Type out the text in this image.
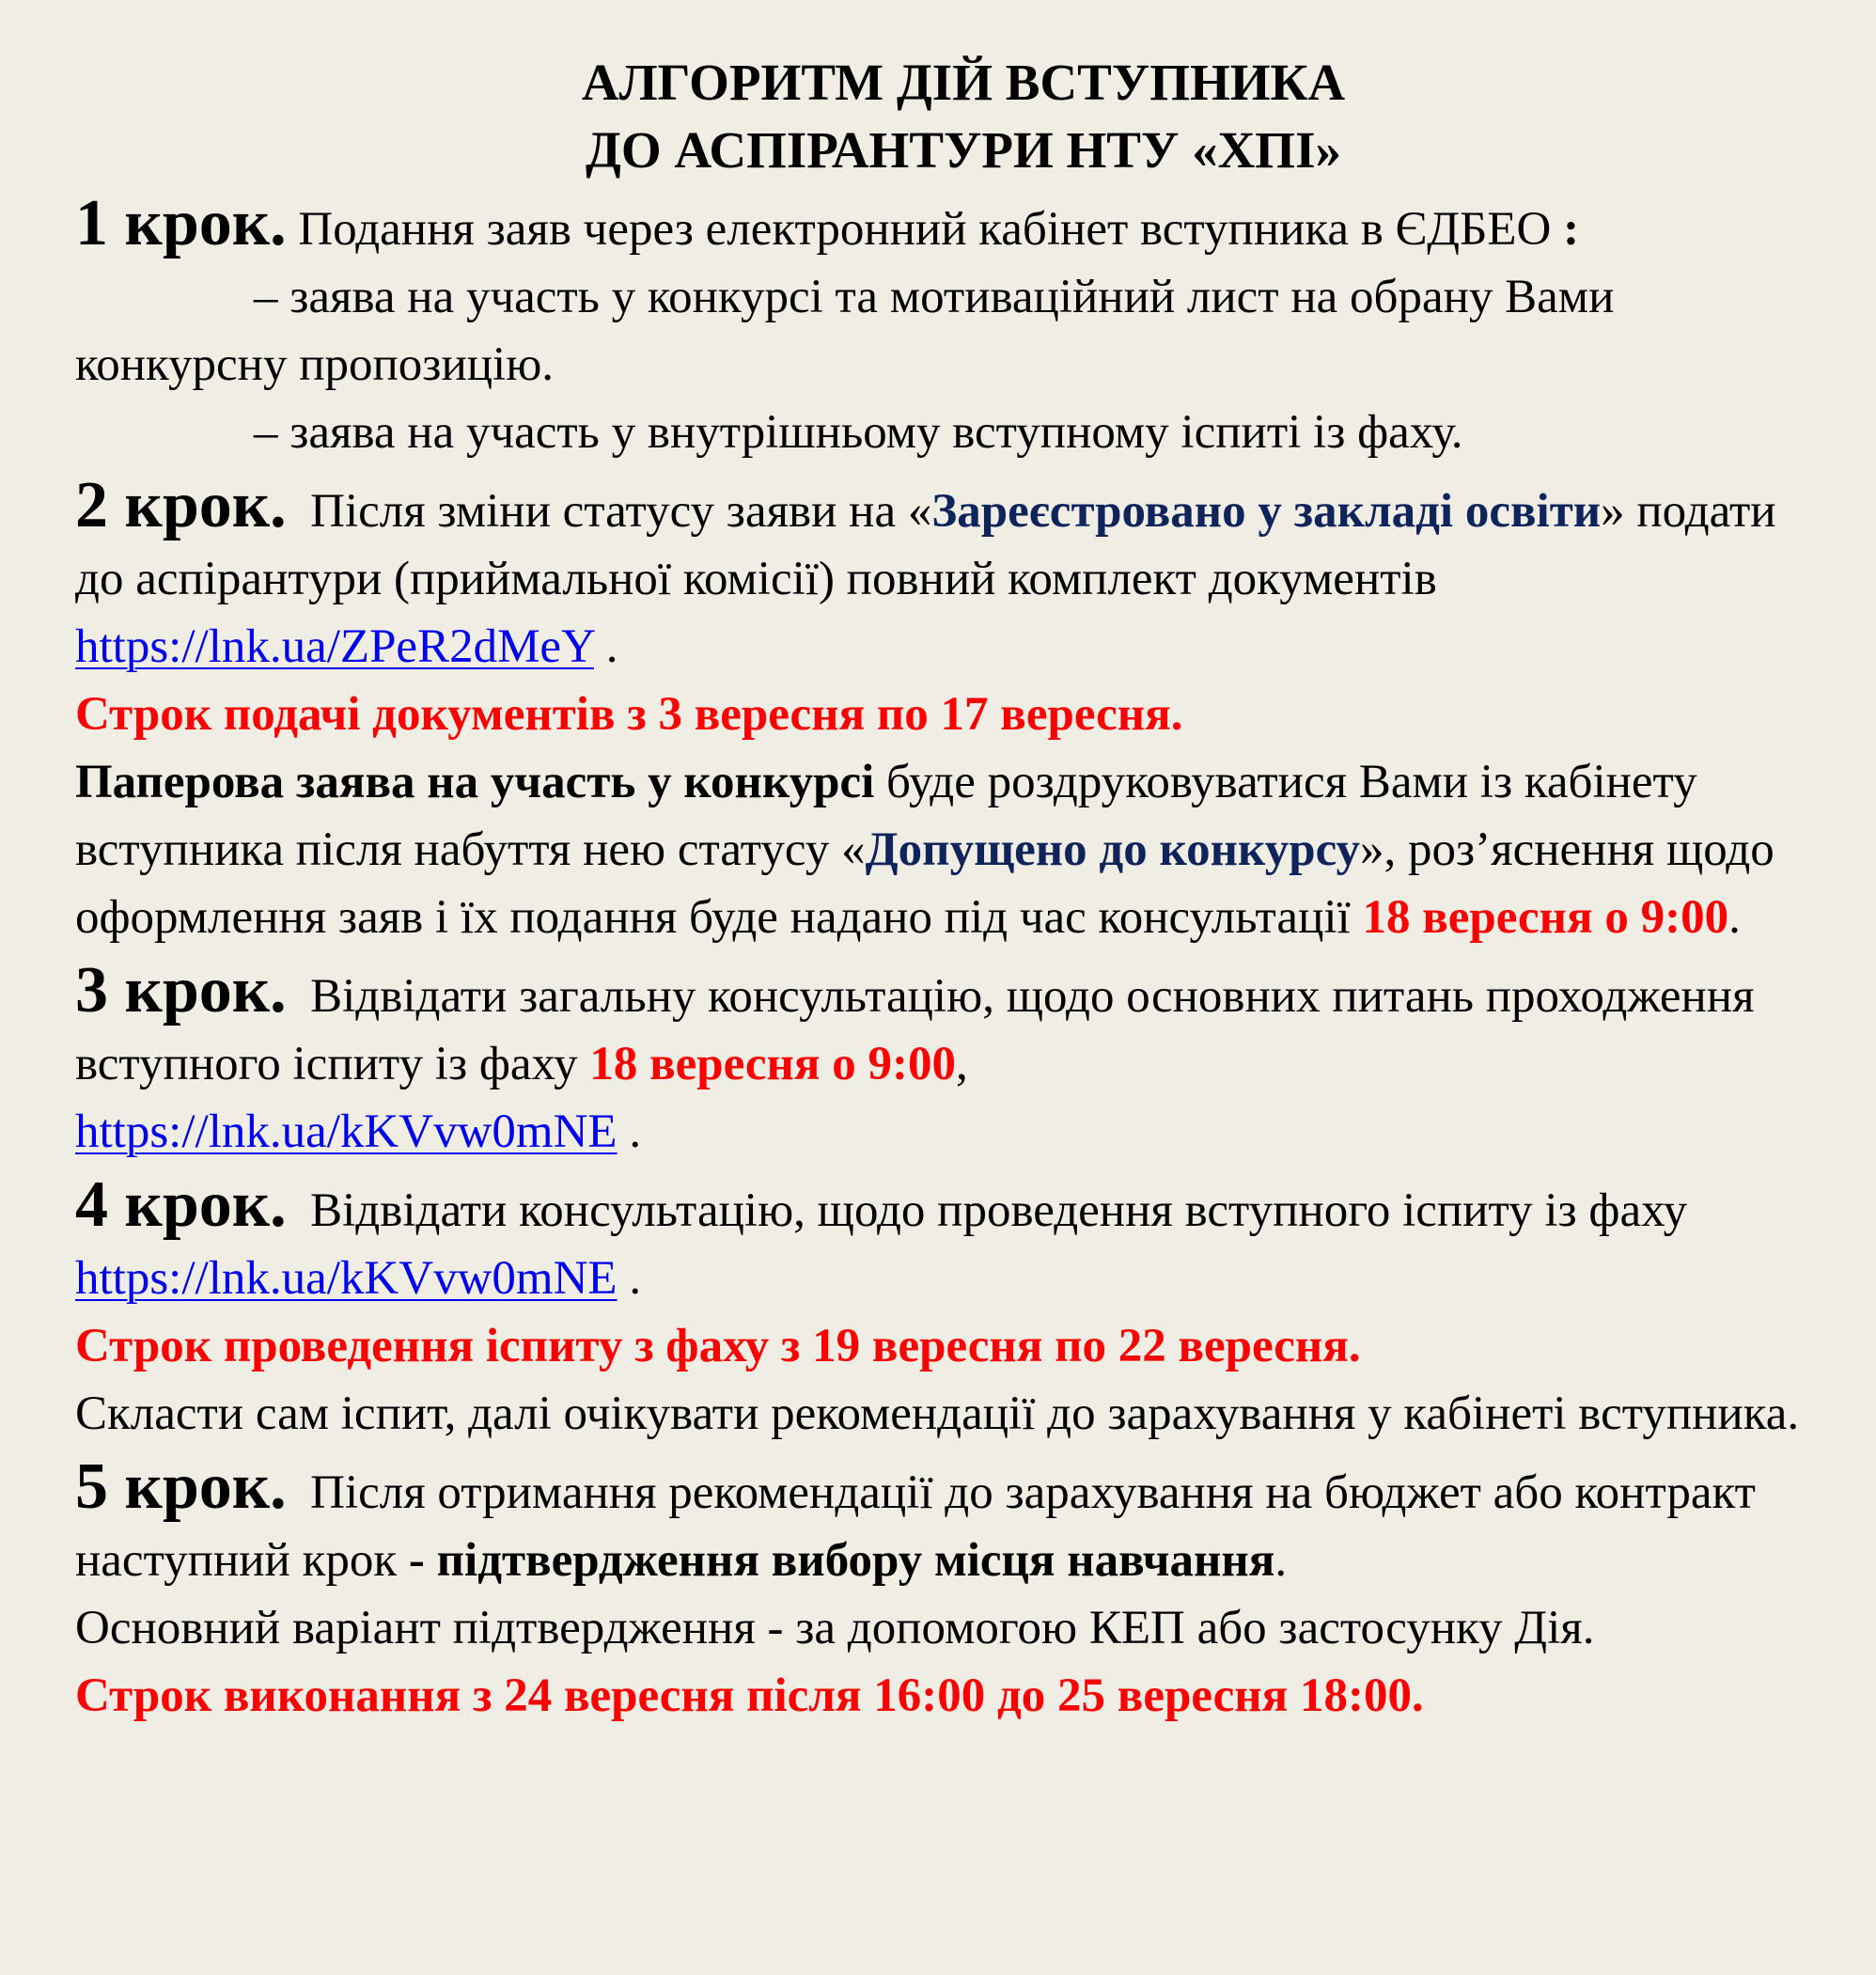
АЛГОРИТМ ДІЙ ВСТУПНИКА
ДО АСПІРАНТУРИ НТУ «ХПІ»

1 крок. Подання заяв через електронний кабінет вступника в ЄДБЕО :

– заява на участь у конкурсі та мотиваційний лист на обрану Вами конкурсну пропозицію.

– заява на участь у внутрішньому вступному іспиті із фаху.

2 крок. Після зміни статусу заяви на «Зареєстровано у закладі освіти» подати до аспірантури (приймальної комісії) повний комплект документів
https://lnk.ua/ZPeR2dMeY .

Строк подачі документів з 3 вересня по 17 вересня.

Паперова заява на участь у конкурсі буде роздруковуватися Вами із кабінету вступника після набуття нею статусу «Допущено до конкурсу», роз’яснення щодо оформлення заяв і їх подання буде надано під час консультації 18 вересня о 9:00.

3 крок. Відвідати загальну консультацію, щодо основних питань проходження вступного іспиту із фаху 18 вересня о 9:00,
https://lnk.ua/kKVvw0mNE .

4 крок. Відвідати консультацію, щодо проведення вступного іспиту із фаху https://lnk.ua/kKVvw0mNE .

Строк проведення іспиту з фаху з 19 вересня по 22 вересня.

Скласти сам іспит, далі очікувати рекомендації до зарахування у кабінеті вступника.

5 крок. Після отримання рекомендації до зарахування на бюджет або контракт наступний крок - підтвердження вибору місця навчання.

Основний варіант підтвердження - за допомогою КЕП або застосунку Дія.

Строк виконання з 24 вересня після 16:00 до 25 вересня 18:00.
